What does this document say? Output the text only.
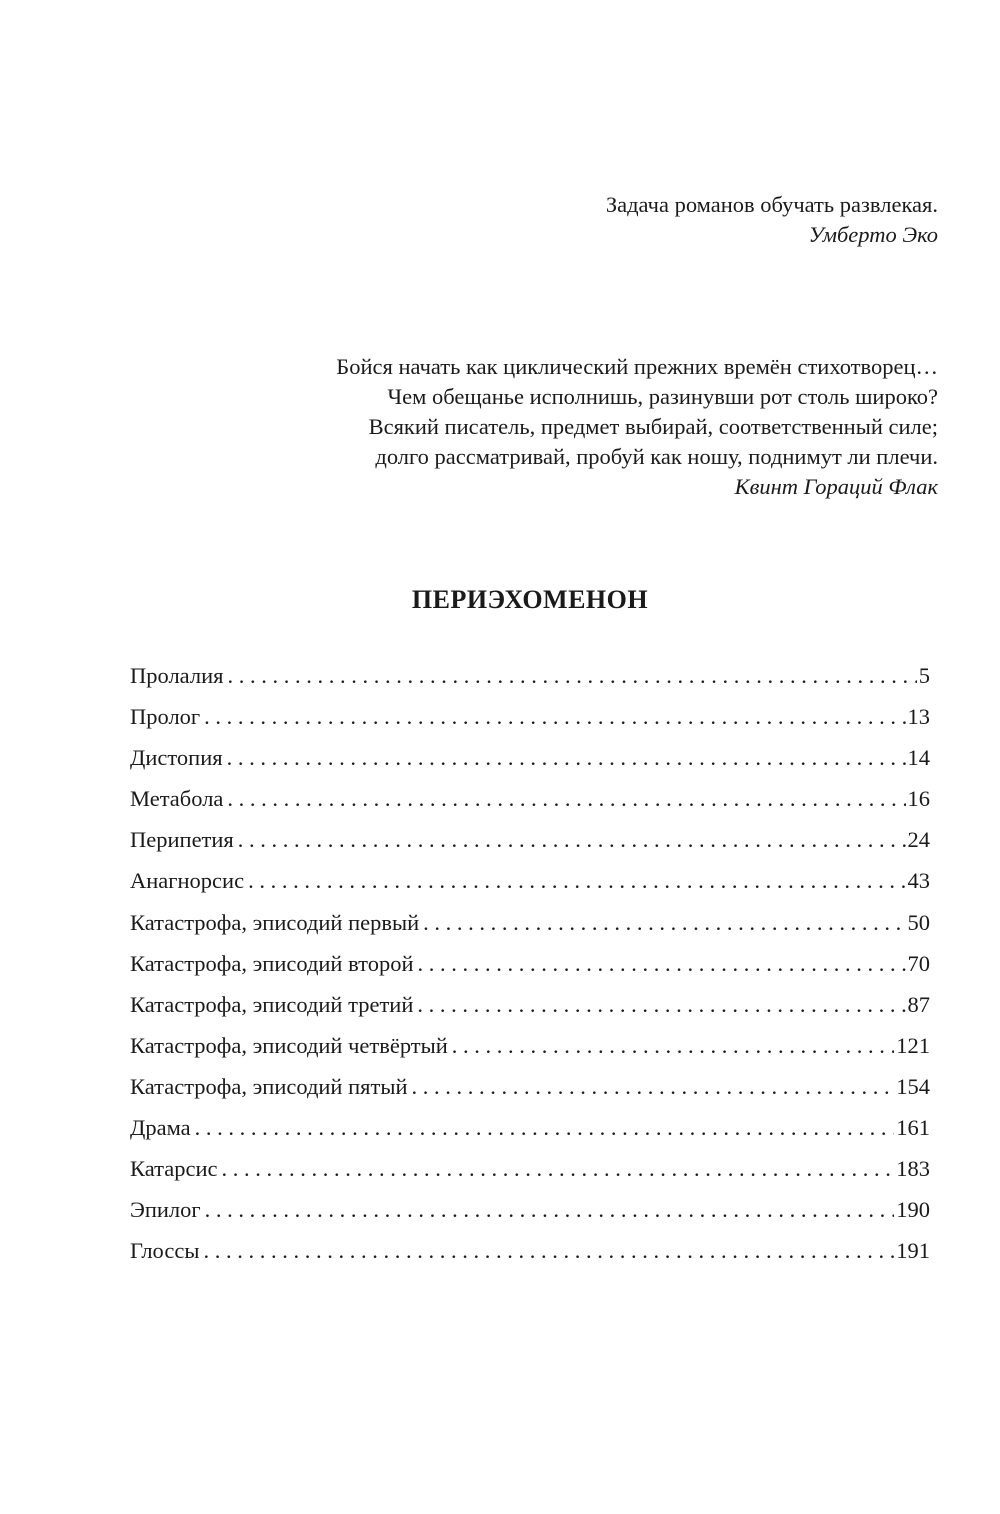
Задача романов обучать развлекая.
Умберто Эко
Бойся начать как циклический прежних времён стихотворец…
Чем обещанье исполнишь, разинувши рот столь широко?
Всякий писатель, предмет выбирай, соответственный силе;
долго рассматривай, пробуй как ношу, поднимут ли плечи.
Квинт Гораций Флак
ПЕРИЭХОМЕНОН
Пролалия . . .	5
Пролог . . .	13
Дистопия . . .	14
Метабола . . .	16
Перипетия . . .	24
Анагнорсис . . .	43
Катастрофа, эписодий первый . . .	50
Катастрофа, эписодий второй . . .	70
Катастрофа, эписодий третий . . .	87
Катастрофа, эписодий четвёртый . . .	121
Катастрофа, эписодий пятый . . .	154
Драма . . .	161
Катарсис . . .	183
Эпилог . . .	190
Глоссы . . .	191
